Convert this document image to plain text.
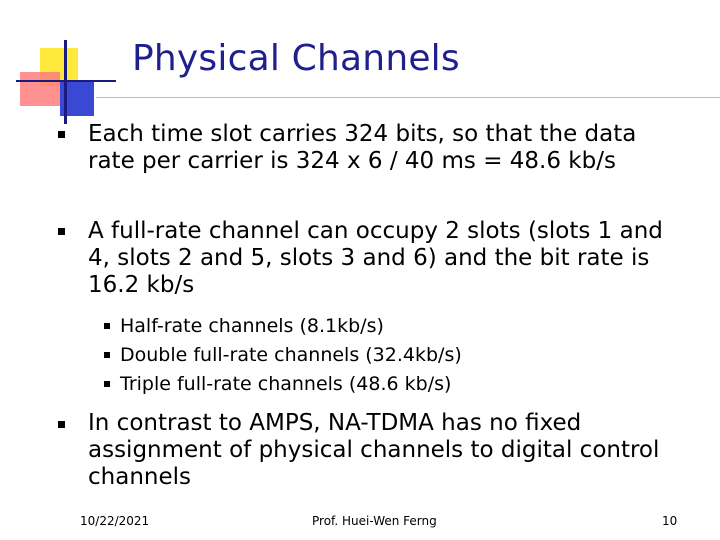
Physical Channels
Each time slot carries 324 bits, so that the data rate per carrier is 324 x 6 / 40 ms = 48.6 kb/s
A full-rate channel can occupy 2 slots (slots 1 and 4, slots 2 and 5, slots 3 and 6) and the bit rate is 16.2 kb/s
Half-rate channels (8.1kb/s)
Double full-rate channels (32.4kb/s)
Triple full-rate channels (48.6 kb/s)
In contrast to AMPS, NA-TDMA has no fixed assignment of physical channels to digital control channels
10/22/2021	Prof. Huei-Wen Ferng	10
